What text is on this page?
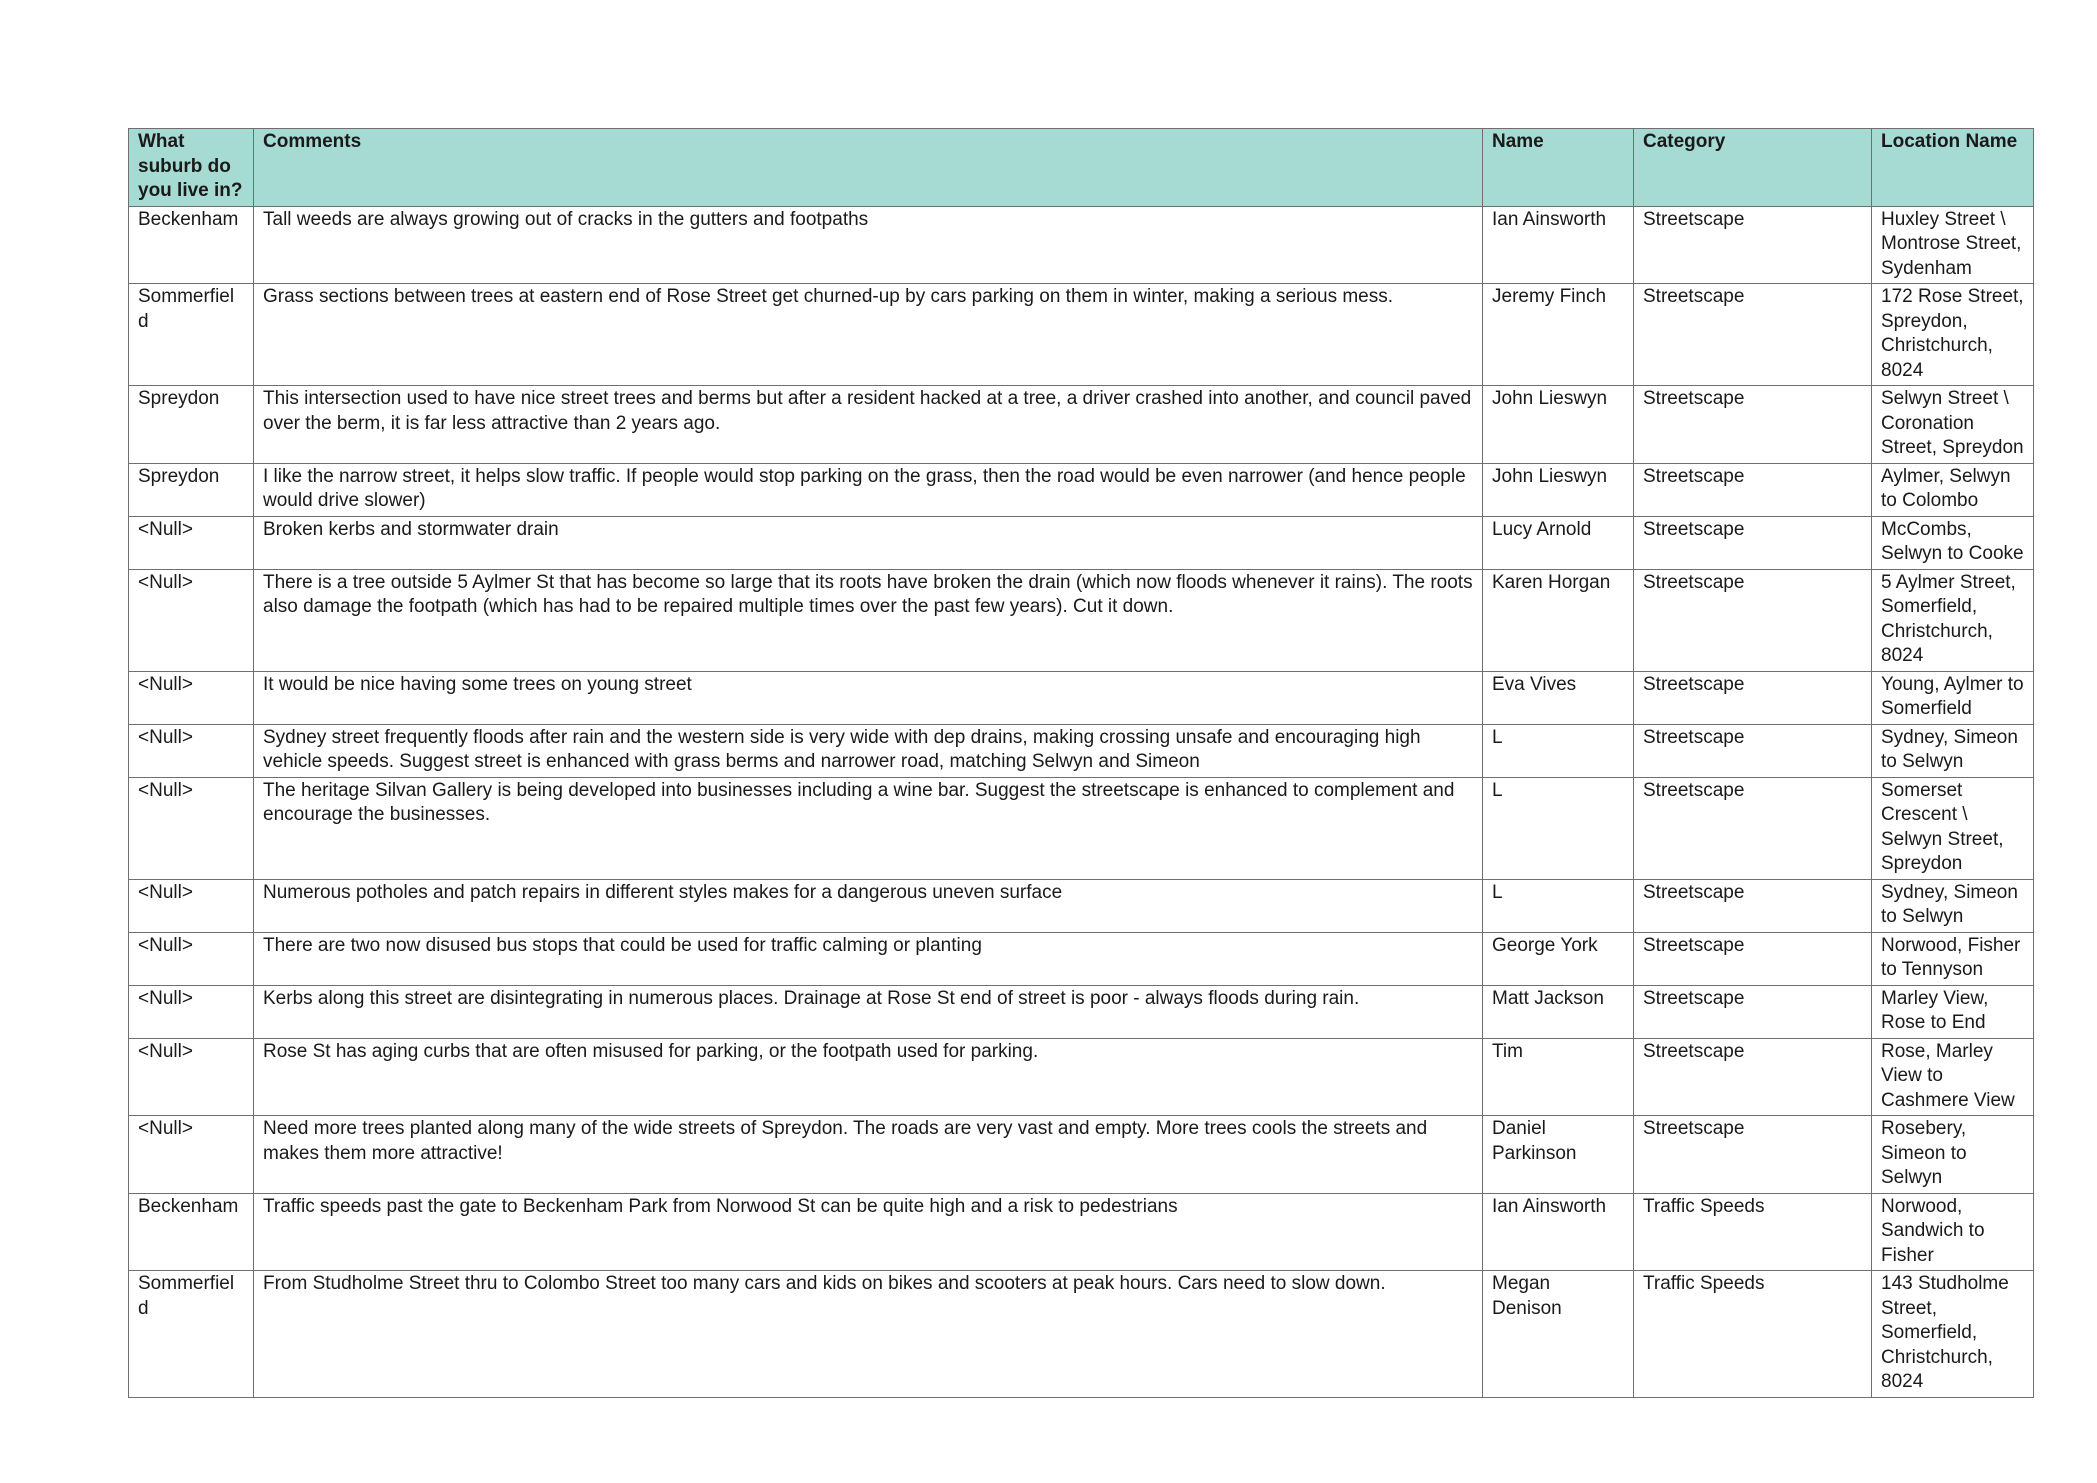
What suburb do you live in?	Comments	Name	Category	Location Name
Beckenham	Tall weeds are always growing out of cracks in the gutters and footpaths	Ian Ainsworth	Streetscape	Huxley Street \ Montrose Street, Sydenham
Sommerfield	Grass sections between trees at eastern end of Rose Street get churned-up by cars parking on them in winter, making a serious mess.	Jeremy Finch	Streetscape	172 Rose Street, Spreydon, Christchurch, 8024
Spreydon	This intersection used to have nice street trees and berms but after a resident hacked at a tree, a driver crashed into another, and council paved over the berm, it is far less attractive than 2 years ago.	John Lieswyn	Streetscape	Selwyn Street \ Coronation Street, Spreydon
Spreydon	I like the narrow street, it helps slow traffic. If people would stop parking on the grass, then the road would be even narrower (and hence people would drive slower)	John Lieswyn	Streetscape	Aylmer, Selwyn to Colombo
<Null>	Broken kerbs and stormwater drain	Lucy Arnold	Streetscape	McCombs, Selwyn to Cooke
<Null>	There is a tree outside 5 Aylmer St that has become so large that its roots have broken the drain (which now floods whenever it rains). The roots also damage the footpath (which has had to be repaired multiple times over the past few years). Cut it down.	Karen Horgan	Streetscape	5 Aylmer Street, Somerfield, Christchurch, 8024
<Null>	It would be nice having some trees on young street	Eva Vives	Streetscape	Young, Aylmer to Somerfield
<Null>	Sydney street frequently floods after rain and the western side is very wide with dep drains, making crossing unsafe and encouraging high vehicle speeds. Suggest street is enhanced with grass berms and narrower road, matching Selwyn and Simeon	L	Streetscape	Sydney, Simeon to Selwyn
<Null>	The heritage Silvan Gallery is being developed into businesses including a wine bar. Suggest the streetscape is enhanced to complement and encourage the businesses.	L	Streetscape	Somerset Crescent \ Selwyn Street, Spreydon
<Null>	Numerous potholes and patch repairs in different styles makes for a dangerous uneven surface	L	Streetscape	Sydney, Simeon to Selwyn
<Null>	There are two now disused bus stops that could be used for traffic calming or planting	George York	Streetscape	Norwood, Fisher to Tennyson
<Null>	Kerbs along this street are disintegrating in numerous places. Drainage at Rose St end of street is poor - always floods during rain.	Matt Jackson	Streetscape	Marley View, Rose to End
<Null>	Rose St has aging curbs that are often misused for parking, or the footpath used for parking.	Tim	Streetscape	Rose, Marley View to Cashmere View
<Null>	Need more trees planted along many of the wide streets of Spreydon. The roads are very vast and empty. More trees cools the streets and makes them more attractive!	Daniel Parkinson	Streetscape	Rosebery, Simeon to Selwyn
Beckenham	Traffic speeds past the gate to Beckenham Park from Norwood St can be quite high and a risk to pedestrians	Ian Ainsworth	Traffic Speeds	Norwood, Sandwich to Fisher
Sommerfield	From Studholme Street thru to Colombo Street too many cars and kids on bikes and scooters at peak hours. Cars need to slow down.	Megan Denison	Traffic Speeds	143 Studholme Street, Somerfield, Christchurch, 8024
